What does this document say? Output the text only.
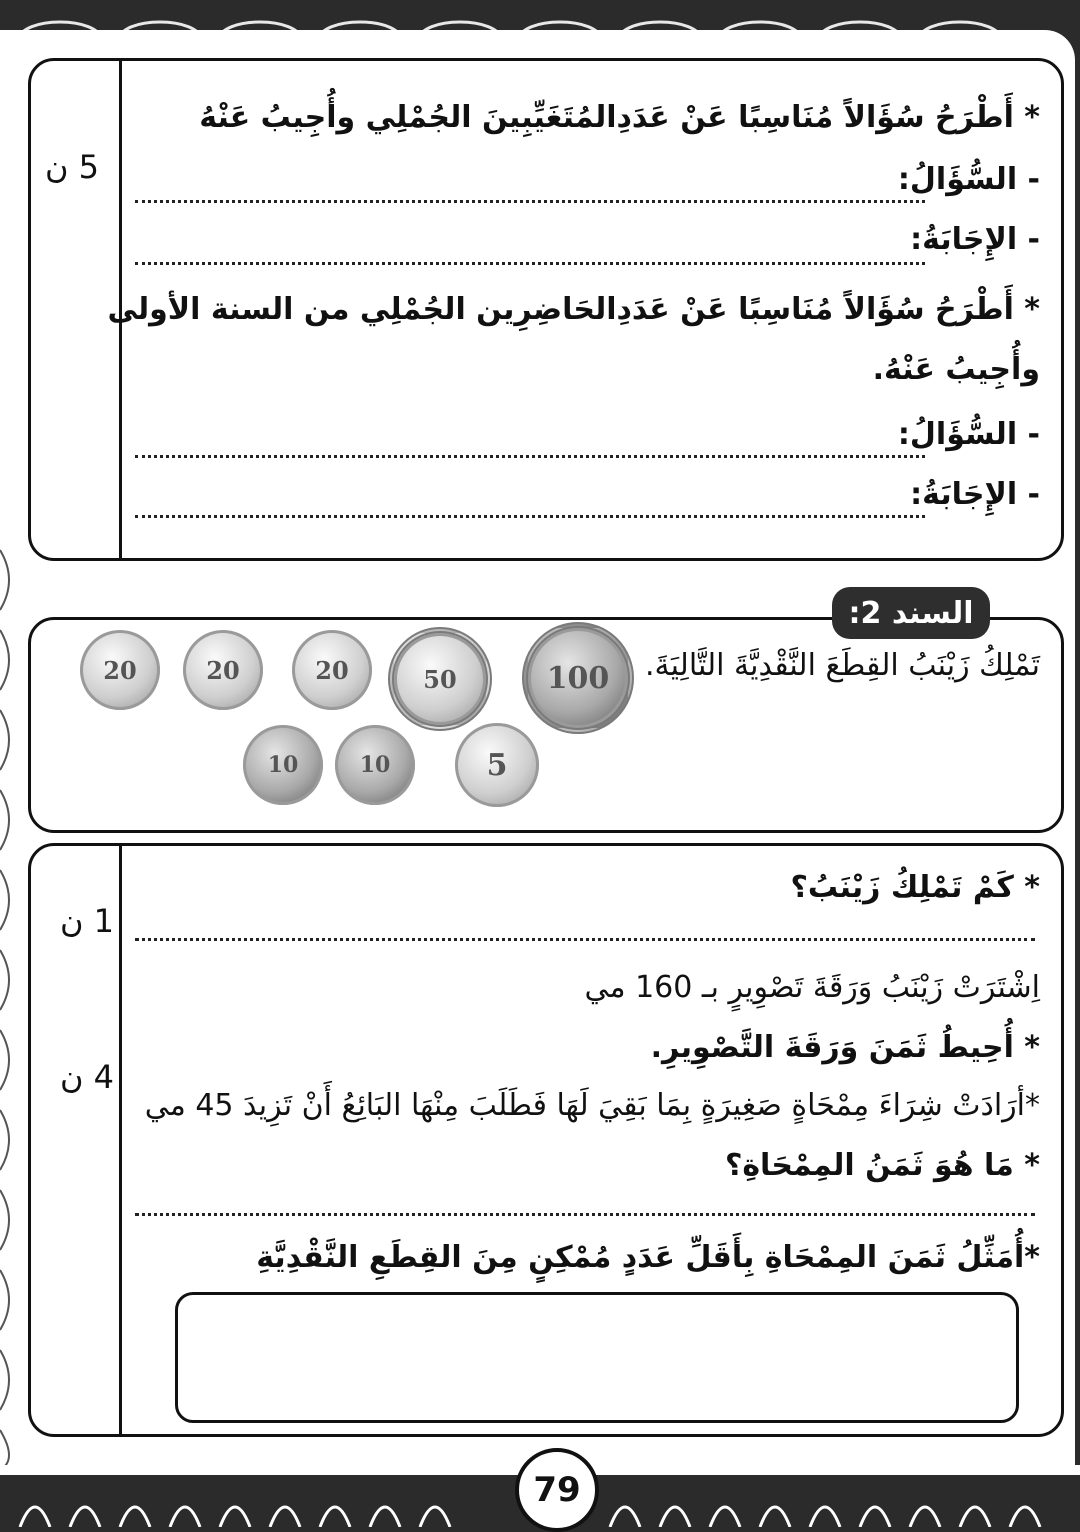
5 ن
* أَطْرَحُ سُؤَالاً مُنَاسِبًا عَنْ عَدَدِالمُتَغَيِّبِينَ الجُمْلِي وأُجِيبُ عَنْهُ
- السُّؤَالُ:
- الإِجَابَةُ:
* أَطْرَحُ سُؤَالاً مُنَاسِبًا عَنْ عَدَدِالحَاضِرِين الجُمْلِي من السنة الأولى
وأُجِيبُ عَنْهُ.
- السُّؤَالُ:
- الإِجَابَةُ:
السند 2:
تَمْلِكُ زَيْنَبُ القِطَعَ النَّقْدِيَّةَ التَّالِيَةَ.
100
50
20
20
20
5
10
10
1 ن
4 ن
* كَمْ تَمْلِكُ زَيْنَبُ؟
اِشْتَرَتْ زَيْنَبُ وَرَقَةَ تَصْوِيرٍ بـ 160 مي
* أُحِيطُ ثَمَنَ وَرَقَةَ التَّصْوِيرِ.
*أرَادَتْ شِرَاءَ مِمْحَاةٍ صَغِيرَةٍ بِمَا بَقِيَ لَهَا فَطَلَبَ مِنْهَا البَائِعُ أَنْ تَزِيدَ 45 مي
* مَا هُوَ ثَمَنُ المِمْحَاةِ؟
*أُمَثِّلُ ثَمَنَ المِمْحَاةِ بِأَقَلِّ عَدَدٍ مُمْكِنٍ مِنَ القِطَعِ النَّقْدِيَّةِ
79
